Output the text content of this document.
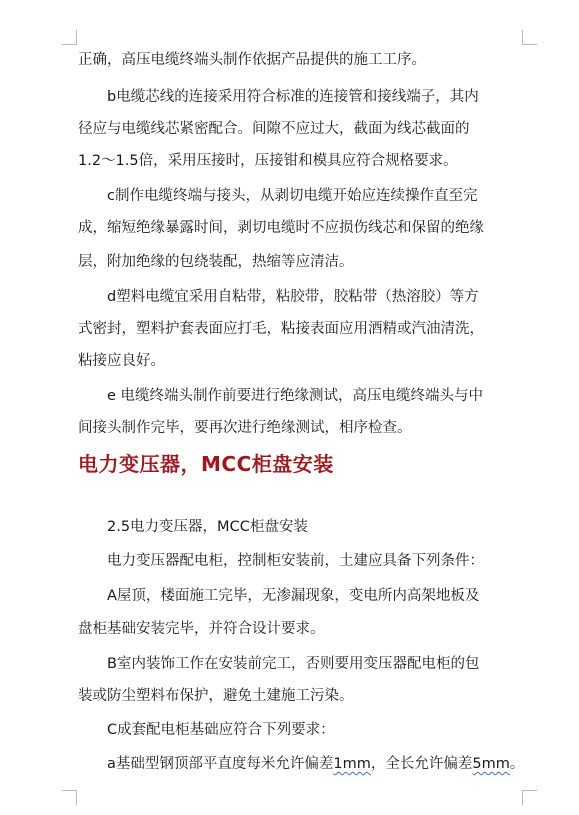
正确，高压电缆终端头制作依据产品提供的施工工序。
b电缆芯线的连接采用符合标准的连接管和接线端子，其内
径应与电缆线芯紧密配合。间隙不应过大，截面为线芯截面的
1.2～1.5倍，采用压接时，压接钳和模具应符合规格要求。
c制作电缆终端与接头，从剥切电缆开始应连续操作直至完
成，缩短绝缘暴露时间，剥切电缆时不应损伤线芯和保留的绝缘
层，附加绝缘的包绕装配，热缩等应清洁。
d塑料电缆宜采用自粘带，粘胶带，胶粘带（热溶胶）等方
式密封，塑料护套表面应打毛，粘接表面应用酒精或汽油清洗，
粘接应良好。
e 电缆终端头制作前要进行绝缘测试，高压电缆终端头与中
间接头制作完毕，要再次进行绝缘测试，相序检查。
电力变压器，MCC柜盘安装
2.5电力变压器，MCC柜盘安装
电力变压器配电柜，控制柜安装前，土建应具备下列条件：
A屋顶，楼面施工完毕，无渗漏现象，变电所内高架地板及
盘柜基础安装完毕，并符合设计要求。
B室内装饰工作在安装前完工，否则要用变压器配电柜的包
装或防尘塑料布保护，避免土建施工污染。
C成套配电柜基础应符合下列要求：
a基础型钢顶部平直度每米允许偏差1mm，全长允许偏差5mm。
